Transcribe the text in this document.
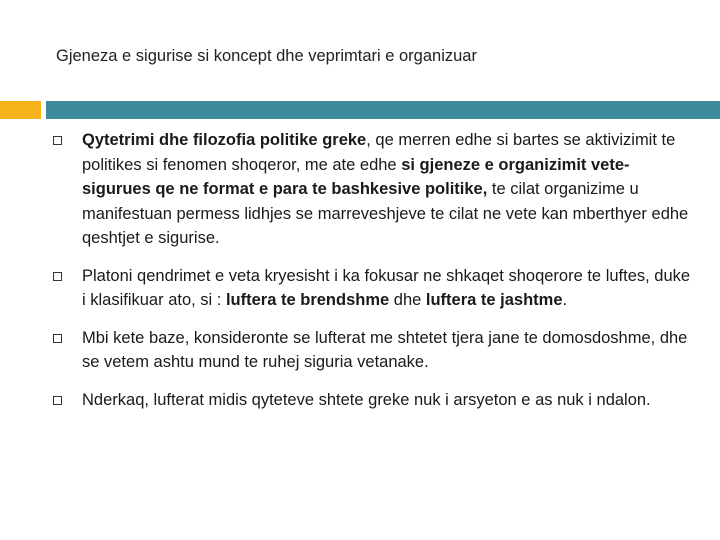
Gjeneza e sigurise si koncept dhe veprimtari e organizuar
Qytetrimi dhe filozofia politike greke, qe merren edhe si bartes se aktivizimit te politikes si fenomen shoqeror, me ate edhe si gjeneze e organizimit vete-sigurues qe ne format e para te bashkesive politike, te cilat organizime u manifestuan permess lidhjes se marreveshjeve te cilat ne vete kan mberthyer edhe qeshtjet e sigurise.
Platoni qendrimet e veta kryesisht i ka fokusar ne shkaqet shoqerore te luftes, duke i klasifikuar ato, si : luftera te brendshme dhe luftera te jashtme.
Mbi kete baze, konsideronte se lufterat me shtetet tjera jane te domosdoshme, dhe se vetem ashtu mund te ruhej siguria vetanake.
Nderkaq, lufterat midis qyteteve shtete greke nuk i arsyeton e as nuk i ndalon.
